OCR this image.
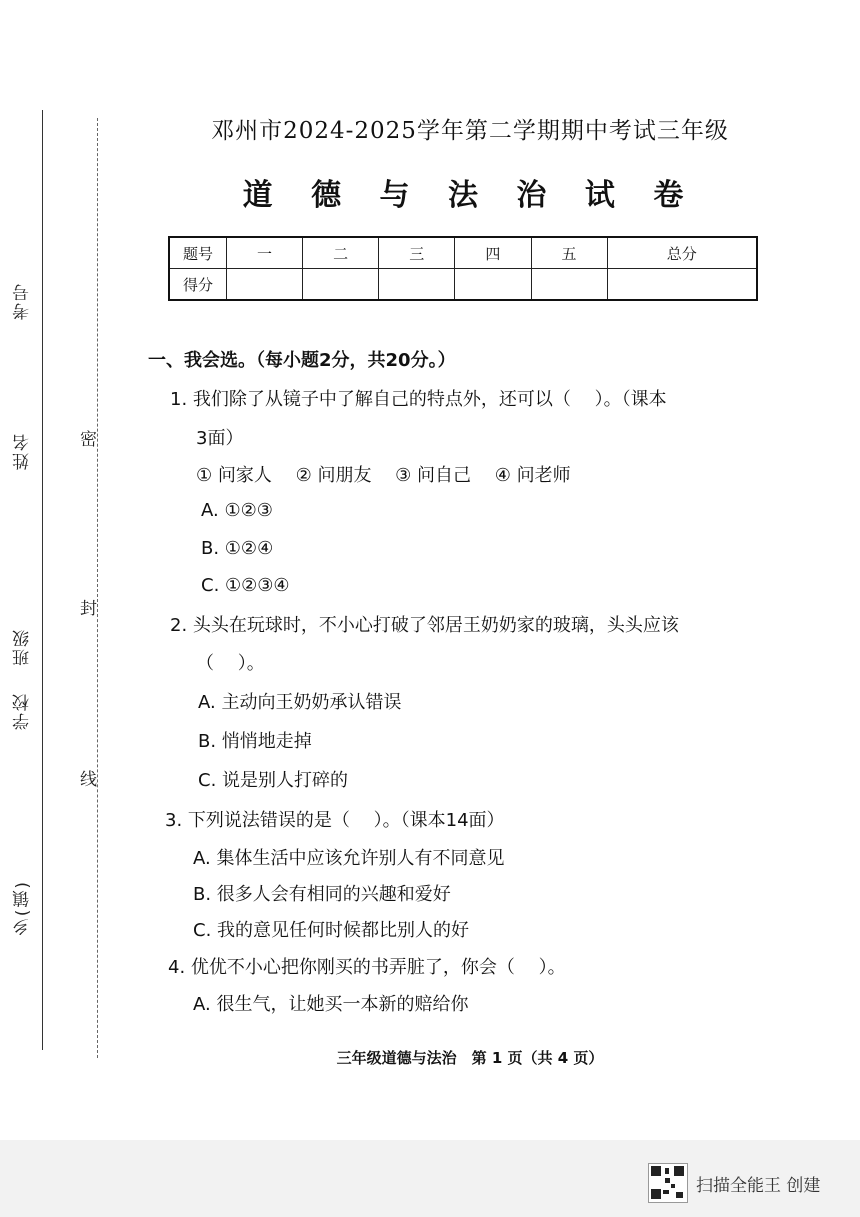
考号
姓名
班级
学校
乡(镇)
密
封
线
邓州市2024-2025学年第二学期期中考试三年级
道 德 与 法 治 试 卷
题号	一	二	三	四	五	总分
得分						
一、我会选。（每小题2分，共20分。）
1. 我们除了从镜子中了解自己的特点外，还可以（　 ）。（课本
3面）
① 问家人　 ② 问朋友　 ③ 问自己　 ④ 问老师
A. ①②③
B. ①②④
C. ①②③④
2. 头头在玩球时，不小心打破了邻居王奶奶家的玻璃，头头应该
（　 ）。
A. 主动向王奶奶承认错误
B. 悄悄地走掉
C. 说是别人打碎的
3. 下列说法错误的是（　 ）。（课本14面）
A. 集体生活中应该允许别人有不同意见
B. 很多人会有相同的兴趣和爱好
C. 我的意见任何时候都比别人的好
4. 优优不小心把你刚买的书弄脏了，你会（　 ）。
A. 很生气，让她买一本新的赔给你
三年级道德与法治　第 1 页（共 4 页）
扫描全能王 创建
